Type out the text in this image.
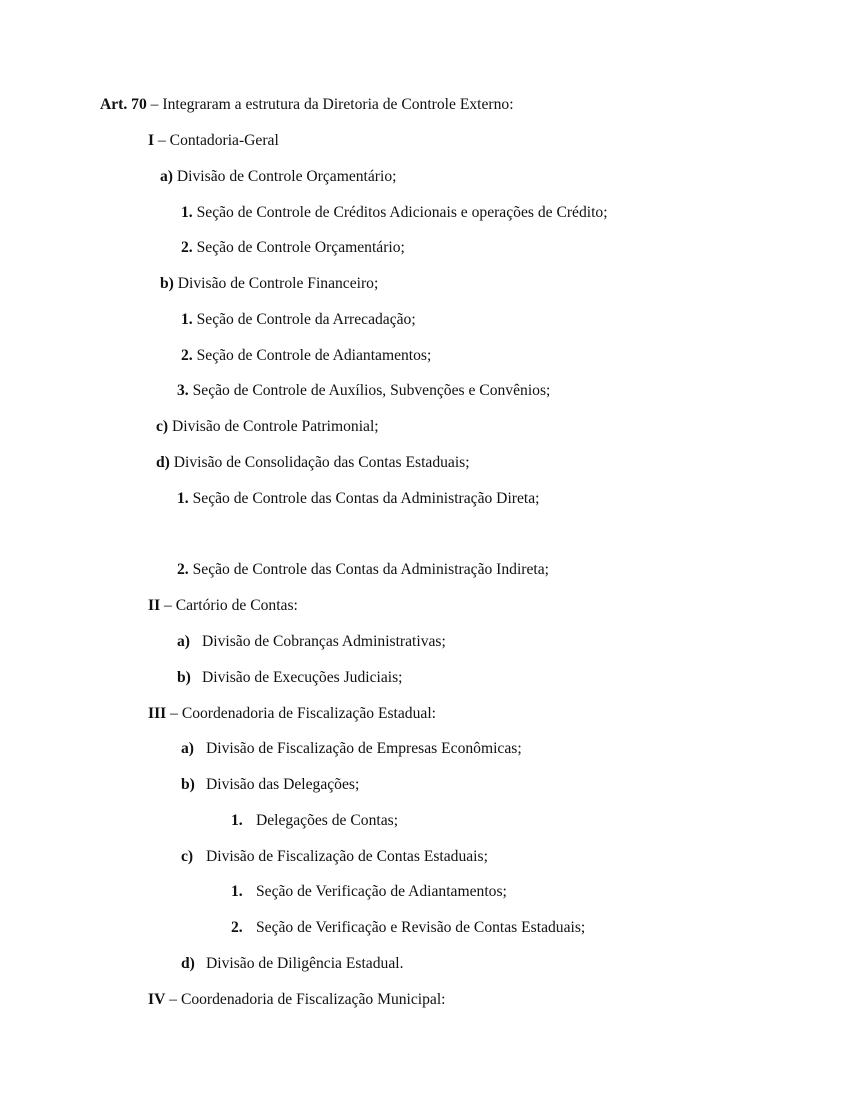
Art. 70 – Integraram a estrutura da Diretoria de Controle Externo:
I – Contadoria-Geral
a) Divisão de Controle Orçamentário;
1. Seção de Controle de Créditos Adicionais e operações de Crédito;
2. Seção de Controle Orçamentário;
b) Divisão de Controle Financeiro;
1. Seção de Controle da Arrecadação;
2. Seção de Controle de Adiantamentos;
3. Seção de Controle de Auxílios, Subvenções e Convênios;
c) Divisão de Controle Patrimonial;
d) Divisão de Consolidação das Contas Estaduais;
1. Seção de Controle das Contas da Administração Direta;
2. Seção de Controle das Contas da Administração Indireta;
II – Cartório de Contas:
a) Divisão de Cobranças Administrativas;
b) Divisão de Execuções Judiciais;
III – Coordenadoria de Fiscalização Estadual:
a) Divisão de Fiscalização de Empresas Econômicas;
b) Divisão das Delegações;
1. Delegações de Contas;
c) Divisão de Fiscalização de Contas Estaduais;
1. Seção de Verificação de Adiantamentos;
2. Seção de Verificação e Revisão de Contas Estaduais;
d) Divisão de Diligência Estadual.
IV – Coordenadoria de Fiscalização Municipal:
